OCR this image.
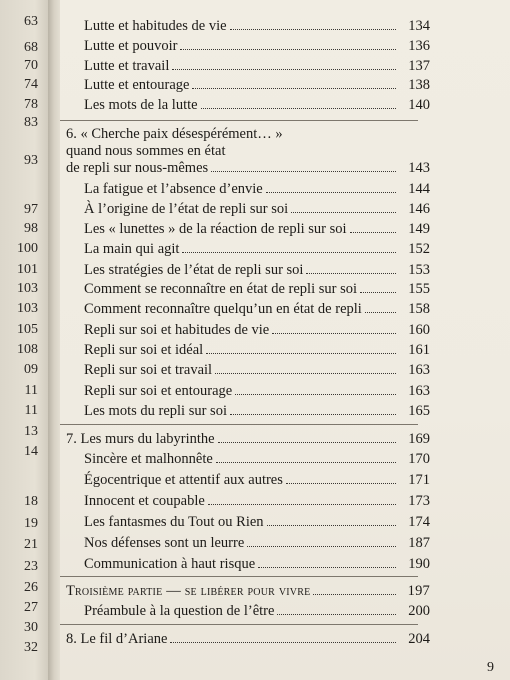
63
68
70
74
78
83
93
97
98
100
101
103
103
105
108
09
11
11
13
14
18
19
21
23
26
27
30
32
Lutte et habitudes de vie	134
Lutte et pouvoir	136
Lutte et travail	137
Lutte et entourage	138
Les mots de la lutte	140
6. « Cherche paix désespérément… »
quand nous sommes en état
de repli sur nous-mêmes	143
La fatigue et l’absence d’envie	144
À l’origine de l’état de repli sur soi	146
Les « lunettes » de la réaction de repli sur soi	149
La main qui agit	152
Les stratégies de l’état de repli sur soi	153
Comment se reconnaître en état de repli sur soi	155
Comment reconnaître quelqu’un en état de repli	158
Repli sur soi et habitudes de vie	160
Repli sur soi et idéal	161
Repli sur soi et travail	163
Repli sur soi et entourage	163
Les mots du repli sur soi	165
7. Les murs du labyrinthe	169
Sincère et malhonnête	170
Égocentrique et attentif aux autres	171
Innocent et coupable	173
Les fantasmes du Tout ou Rien	174
Nos défenses sont un leurre	187
Communication à haut risque	190
Troisième partie — se libérer pour vivre	197
Préambule à la question de l’être	200
8. Le fil d’Ariane	204
9
